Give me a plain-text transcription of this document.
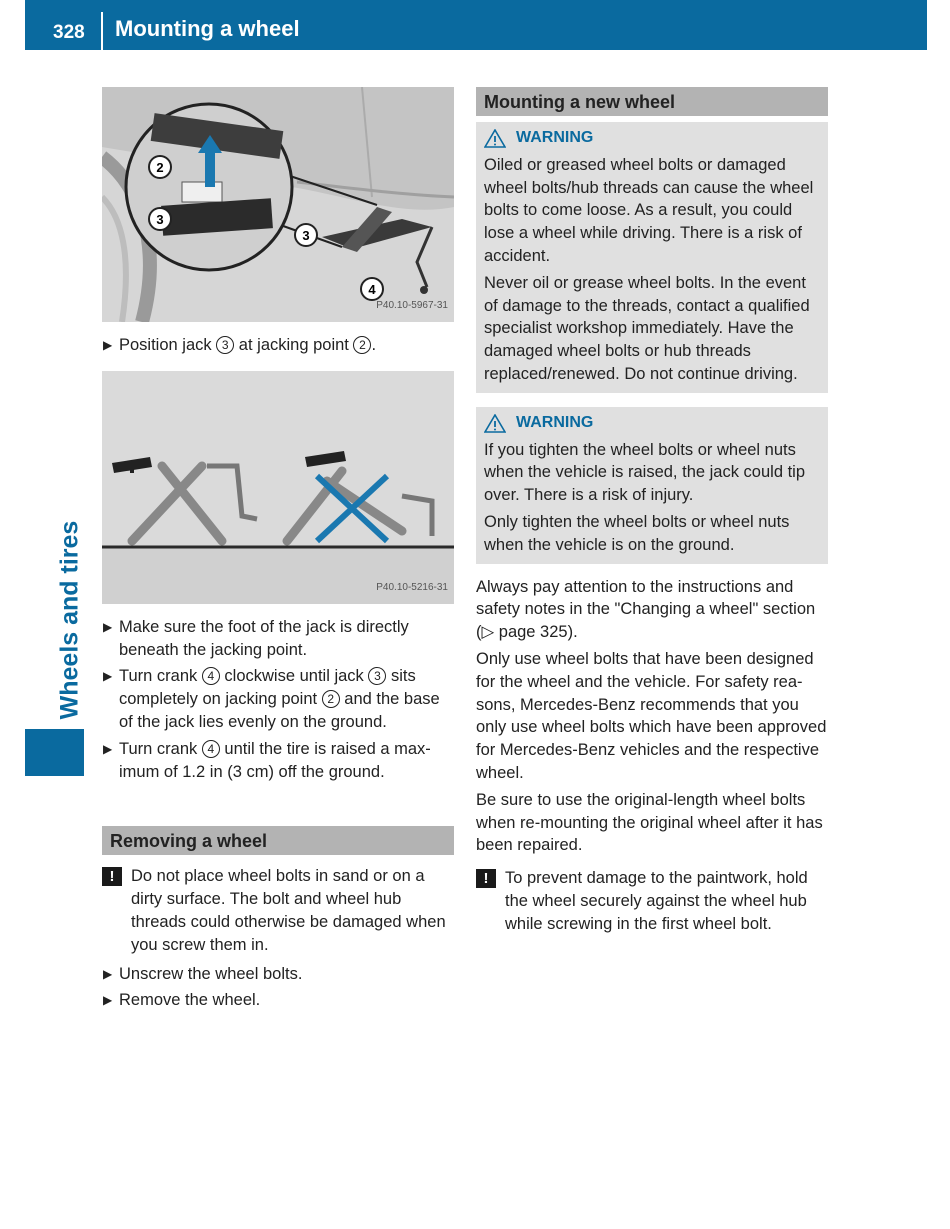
328 Mounting a wheel
Wheels and tires
2
3
3
4
P40.10-5967-31
▶ Position jack 3 at jacking point 2 .
P40.10-5216-31
▶ Make sure the foot of the jack is directly beneath the jacking point.
▶ Turn crank 4 clockwise until jack 3 sits completely on jacking point 2 and the base of the jack lies evenly on the ground.
▶ Turn crank 4 until the tire is raised a maximum of 1.2 in (3 cm) off the ground.
Removing a wheel
!	Do not place wheel bolts in sand or on a dirty surface. The bolt and wheel hub threads could otherwise be damaged when you screw them in.
▶ Unscrew the wheel bolts.
▶ Remove the wheel.
Mounting a new wheel
WARNING

Oiled or greased wheel bolts or damaged wheel bolts/hub threads can cause the wheel bolts to come loose. As a result, you could lose a wheel while driving. There is a risk of accident.

Never oil or grease wheel bolts. In the event of damage to the threads, contact a qualified specialist workshop immediately. Have the damaged wheel bolts or hub threads replaced/renewed. Do not continue driving.

WARNING

If you tighten the wheel bolts or wheel nuts when the vehicle is raised, the jack could tip over. There is a risk of injury.

Only tighten the wheel bolts or wheel nuts when the vehicle is on the ground.

Always pay attention to the instructions and safety notes in the "Changing a wheel" section (▷ page 325).

Only use wheel bolts that have been designed for the wheel and the vehicle. For safety reasons, Mercedes-Benz recommends that you only use wheel bolts which have been approved for Mercedes-Benz vehicles and the respective wheel.

Be sure to use the original-length wheel bolts when re-mounting the original wheel after it has been repaired.

!	To prevent damage to the paintwork, hold the wheel securely against the wheel hub while screwing in the first wheel bolt.
